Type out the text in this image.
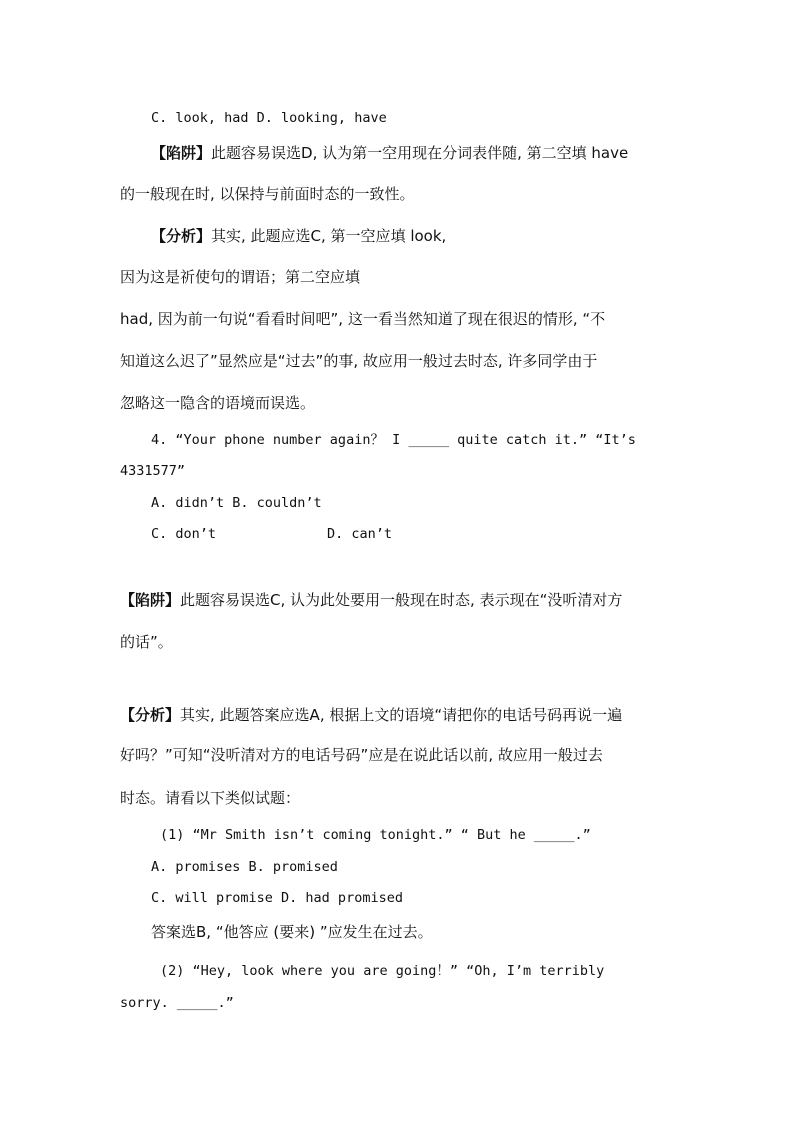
C. look, had D. looking, have
【陷阱】此题容易误选D, 认为第一空用现在分词表伴随, 第二空填 have
的一般现在时, 以保持与前面时态的一致性。
【分析】其实, 此题应选C, 第一空应填 look,
因为这是祈使句的谓语；第二空应填
had, 因为前一句说“看看时间吧”, 这一看当然知道了现在很迟的情形, “不
知道这么迟了”显然应是“过去”的事, 故应用一般过去时态, 许多同学由于
忽略这一隐含的语境而误选。
4. “Your phone number again？ I _____ quite catch it.” “It’s
4331577”
A. didn’t B. couldn’t
C. don’t	D. can’t
【陷阱】此题容易误选C, 认为此处要用一般现在时态, 表示现在“没听清对方
的话”。
【分析】其实, 此题答案应选A, 根据上文的语境“请把你的电话号码再说一遍
好吗？”可知“没听清对方的电话号码”应是在说此话以前, 故应用一般过去
时态。请看以下类似试题：
(1) “Mr Smith isn’t coming tonight.” “ But he _____.”
A. promises B. promised
C. will promise D. had promised
答案选B, “他答应 (要来) ”应发生在过去。
(2) “Hey, look where you are going！” “Oh, I’m terribly
sorry. _____.”
